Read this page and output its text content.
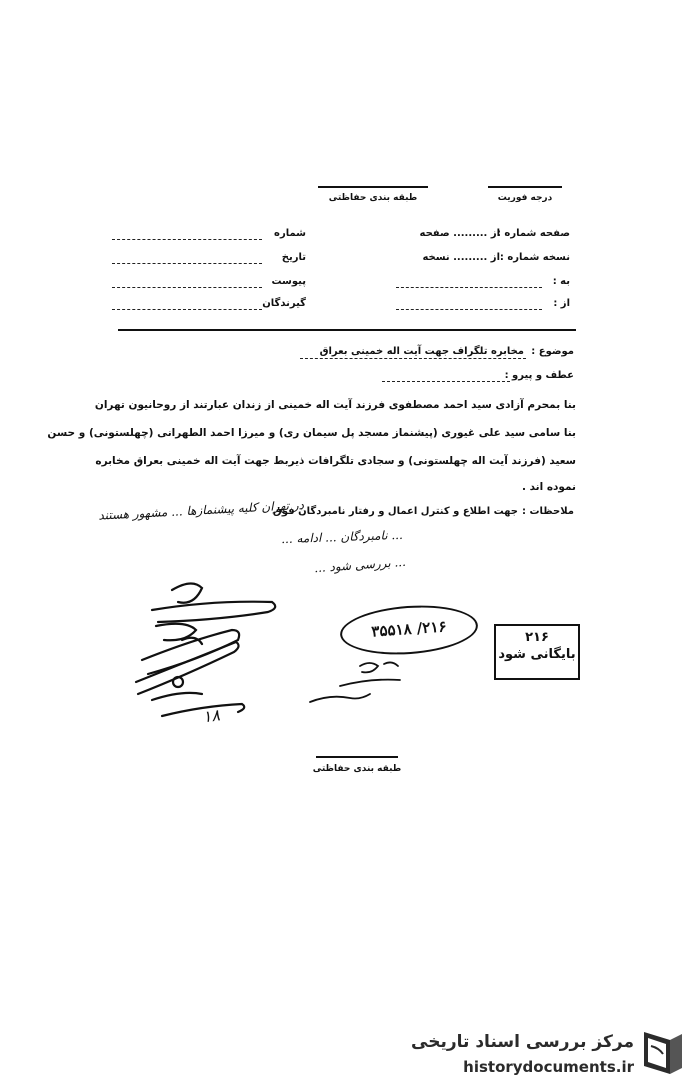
طبقه بندی حفاظتی	درجه فوریت
شماره
تاریخ
پیوست
گیرندگان
صفحه شماره :
از ......... صفحه
نسخه شماره :
از ......... نسخه
به :
از :
موضوع :
مخابره تلگراف جهت آیت اله خمینی بعراق
عطف و پیرو :
بنا بمحرم آزادی سید احمد مصطفوی فرزند آیت اله خمینی از زندان عبارتند از روحانیون تهران
بنا سامی سید علی غیوری (پیشنماز مسجد پل سیمان ری) و میرزا احمد الطهرانی (چهلستونی) و حسن
سعید (فرزند آیت اله چهلستونی) و سجادی تلگرافات ذیربط جهت آیت اله خمینی بعراق مخابره
نموده اند .
ملاحظات :
جهت اطلاع و کنترل اعمال و رفتار نامبردگان فوق
در تهران کلیه پیشنمازها ... مشهور هستند
... نامبردگان ... ادامه ...
... بررسی شود ...
۱۸
۲۱۶/ ۳۵۵۱۸
۲۱۶
بایگانی شود
طبقه بندی حفاظتی
مرکز بررسی اسناد تاریخی
historydocuments.ir
